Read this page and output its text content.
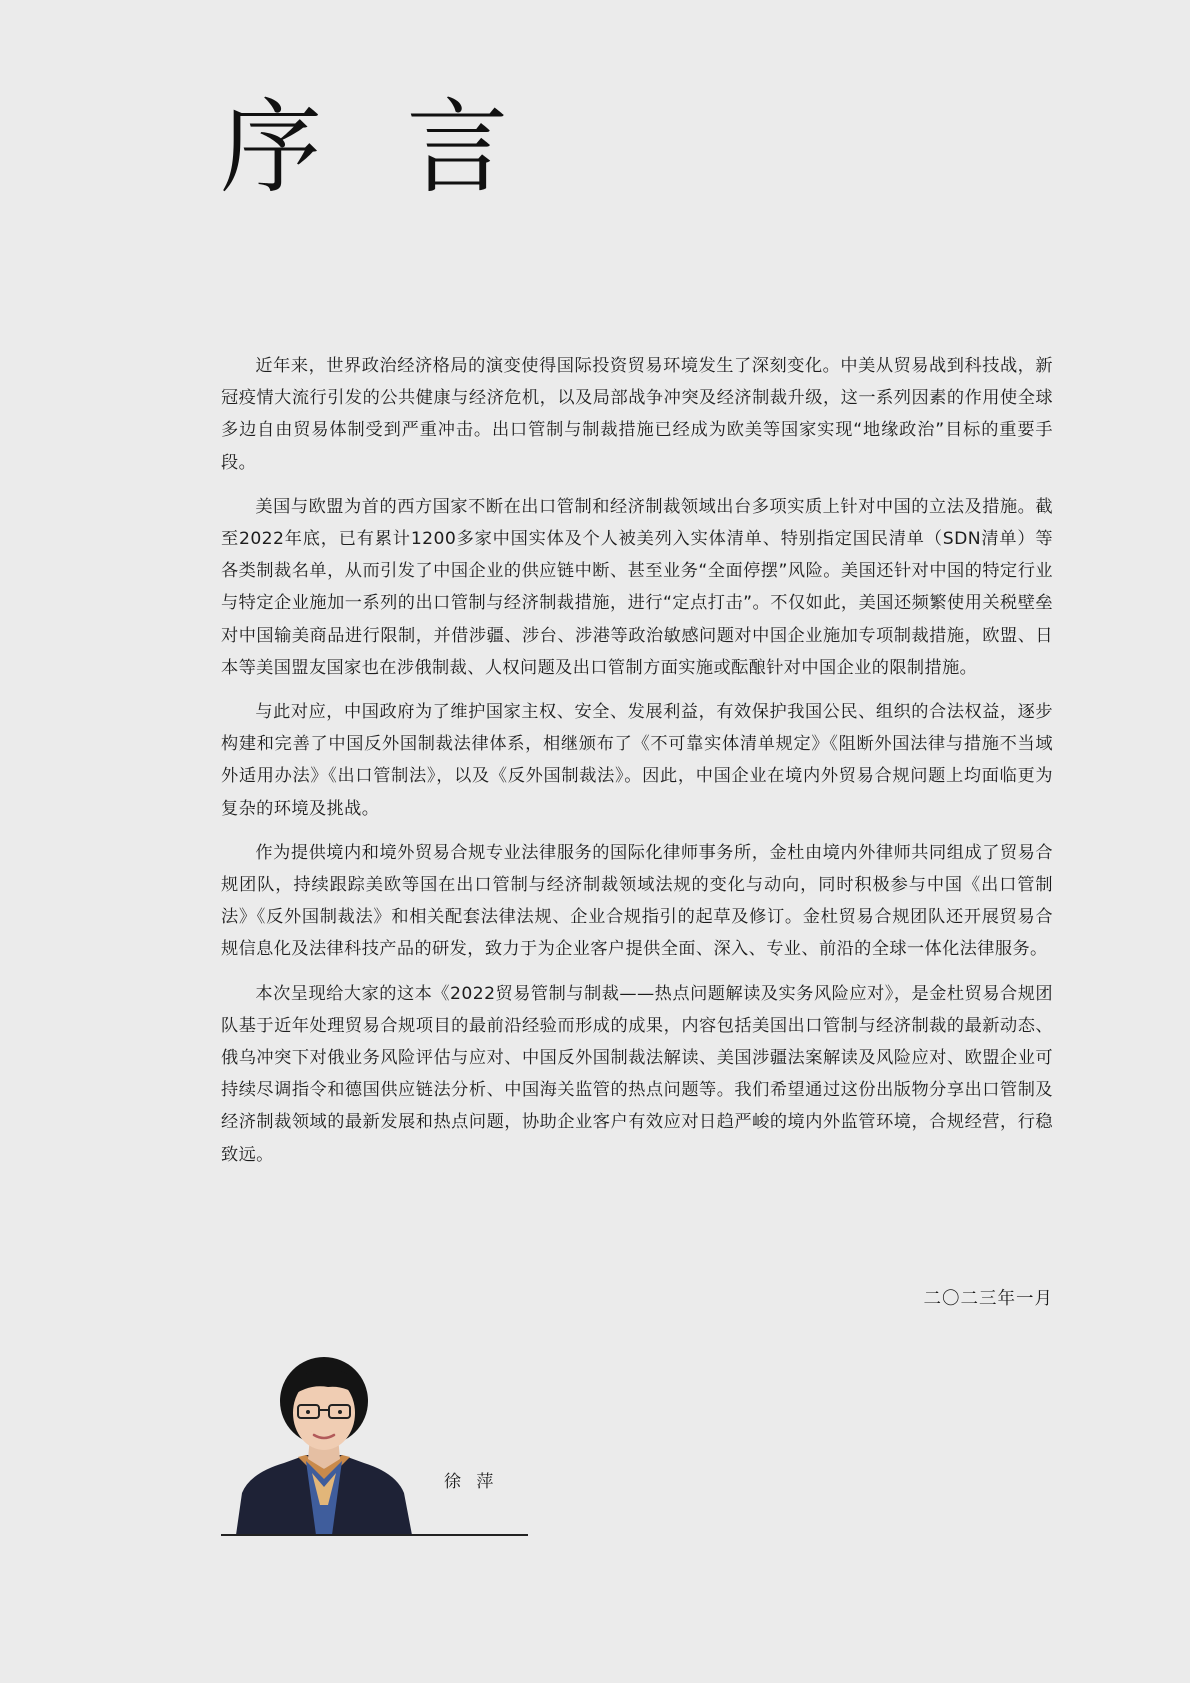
序 言

近年来，世界政治经济格局的演变使得国际投资贸易环境发生了深刻变化。中美从贸易战到科技战，新冠疫情大流行引发的公共健康与经济危机，以及局部战争冲突及经济制裁升级，这一系列因素的作用使全球多边自由贸易体制受到严重冲击。出口管制与制裁措施已经成为欧美等国家实现“地缘政治”目标的重要手段。

美国与欧盟为首的西方国家不断在出口管制和经济制裁领域出台多项实质上针对中国的立法及措施。截至2022年底，已有累计1200多家中国实体及个人被美列入实体清单、特别指定国民清单（SDN清单）等各类制裁名单，从而引发了中国企业的供应链中断、甚至业务“全面停摆”风险。美国还针对中国的特定行业与特定企业施加一系列的出口管制与经济制裁措施，进行“定点打击”。不仅如此，美国还频繁使用关税壁垒对中国输美商品进行限制，并借涉疆、涉台、涉港等政治敏感问题对中国企业施加专项制裁措施，欧盟、日本等美国盟友国家也在涉俄制裁、人权问题及出口管制方面实施或酝酿针对中国企业的限制措施。

与此对应，中国政府为了维护国家主权、安全、发展利益，有效保护我国公民、组织的合法权益，逐步构建和完善了中国反外国制裁法律体系，相继颁布了《不可靠实体清单规定》《阻断外国法律与措施不当域外适用办法》《出口管制法》，以及《反外国制裁法》。因此，中国企业在境内外贸易合规问题上均面临更为复杂的环境及挑战。

作为提供境内和境外贸易合规专业法律服务的国际化律师事务所，金杜由境内外律师共同组成了贸易合规团队，持续跟踪美欧等国在出口管制与经济制裁领域法规的变化与动向，同时积极参与中国《出口管制法》《反外国制裁法》和相关配套法律法规、企业合规指引的起草及修订。金杜贸易合规团队还开展贸易合规信息化及法律科技产品的研发，致力于为企业客户提供全面、深入、专业、前沿的全球一体化法律服务。

本次呈现给大家的这本《2022贸易管制与制裁——热点问题解读及实务风险应对》，是金杜贸易合规团队基于近年处理贸易合规项目的最前沿经验而形成的成果，内容包括美国出口管制与经济制裁的最新动态、俄乌冲突下对俄业务风险评估与应对、中国反外国制裁法解读、美国涉疆法案解读及风险应对、欧盟企业可持续尽调指令和德国供应链法分析、中国海关监管的热点问题等。我们希望通过这份出版物分享出口管制及经济制裁领域的最新发展和热点问题，协助企业客户有效应对日趋严峻的境内外监管环境，合规经营，行稳致远。

二〇二三年一月
徐 萍
